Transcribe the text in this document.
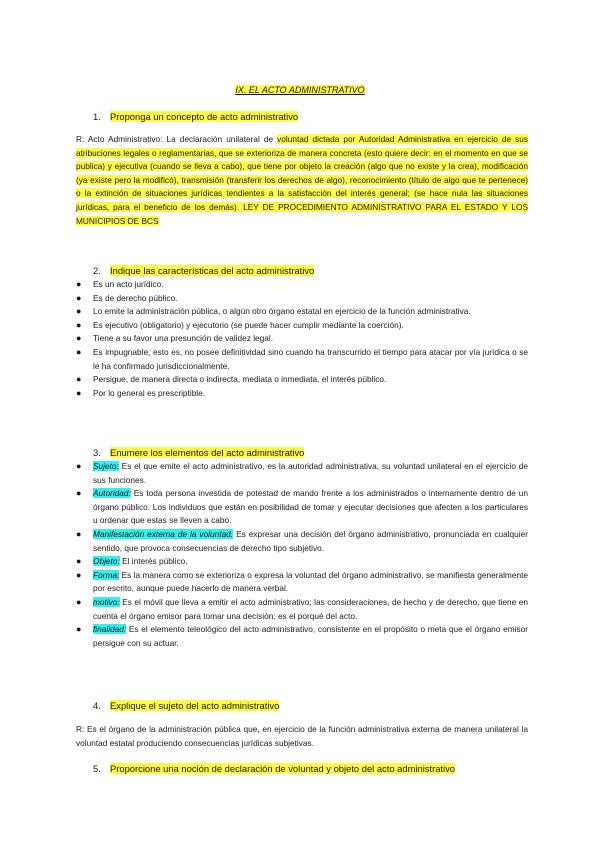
IX. EL ACTO ADMINISTRATIVO
1. Proponga un concepto de acto administrativo
R: Acto Administrativo: La declaración unilateral de voluntad dictada por Autoridad Administrativa en ejercicio de sus atribuciones legales o reglamentarias, que se exterioriza de manera concreta (esto quiere decir: en el momento en que se publica) y ejecutiva (cuando se lleva a cabo), que tiene por objeto la creación (algo que no existe y la crea), modificación (ya existe pero la modificó), transmisión (transferir los derechos de algo), reconocimiento (título de algo que te pertenece) o la extinción de situaciones jurídicas tendientes a la satisfacción del interés general; (se hace nula las situaciones jurídicas, para el beneficio de los demás). LEY DE PROCEDIMIENTO ADMINISTRATIVO PARA EL ESTADO Y LOS MUNICIPIOS DE BCS
2. Indique las características del acto administrativo
● Es un acto jurídico.
● Es de derecho público.
● Lo emite la administración pública, o algún otro órgano estatal en ejercicio de la función administrativa.
● Es ejecutivo (obligatorio) y ejecutorio (se puede hacer cumplir mediante la coerción).
● Tiene a su favor una presunción de validez legal.
● Es impugnable, esto es, no posee definitividad sino cuando ha transcurrido el tiempo para atacar por vía jurídica o se le ha confirmado jurisdiccionalmente.
● Persigue, de manera directa o indirecta, mediata o inmediata, el interés público.
● Por lo general es prescriptible.
3. Enumere los elementos del acto administrativo
● Sujeto: Es el que emite el acto administrativo, es la autoridad administrativa, su voluntad unilateral en el ejercicio de sus funciones.
● Autoridad: Es toda persona investida de potestad de mando frente a los administrados o internamente dentro de un órgano público. Los individuos que están en posibilidad de tomar y ejecutar decisiones que afecten a los particulares u ordenar que estas se lleven a cabo.
● Manifestación externa de la voluntad. Es expresar una decisión del órgano administrativo, pronunciada en cualquier sentido, que provoca consecuencias de derecho tipo subjetivo.
● Objeto: El interés público.
● Forma: Es la manera como se exterioriza o expresa la voluntad del órgano administrativo, se manifiesta generalmente por escrito, aunque puede hacerlo de manera verbal.
● motivo: Es el móvil que lleva a emitir el acto administrativo; las consideraciones, de hecho y de derecho, que tiene en cuenta el órgano emisor para tomar una decisión: es el porqué del acto.
● finalidad: Es el elemento teleológico del acto administrativo, consistente en el propósito o meta que el órgano emisor persigue con su actuar.
4. Explique el sujeto del acto administrativo
R: Es el órgano de la administración pública que, en ejercicio de la función administrativa externa de manera unilateral la voluntad estatal produciendo consecuencias jurídicas subjetivas.
5. Proporcione una noción de declaración de voluntad y objeto del acto administrativo
